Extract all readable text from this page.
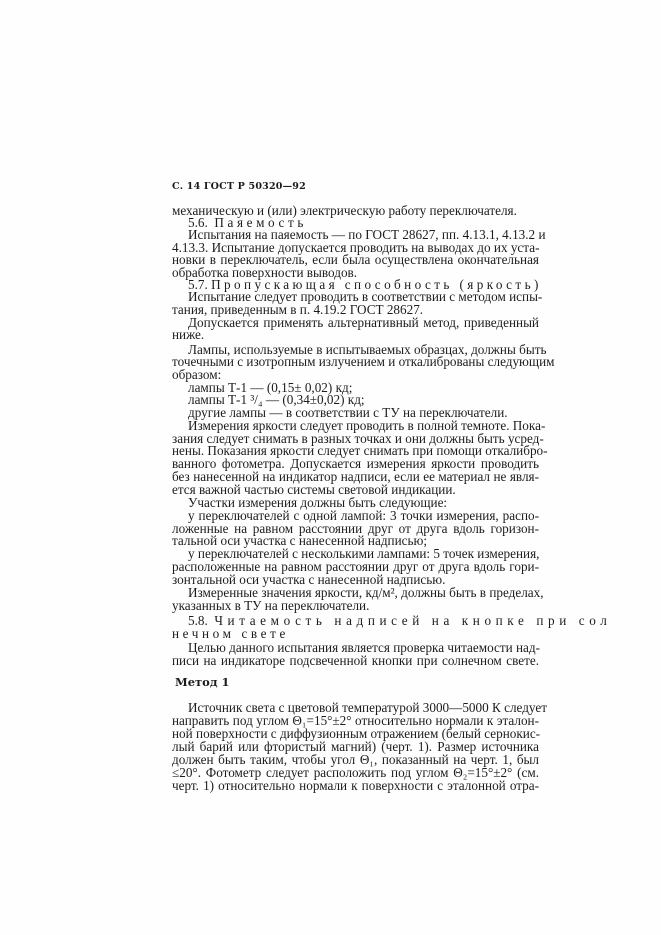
С. 14 ГОСТ Р 50320—92
механическую и (или) электрическую работу переключателя.
5.6. Паяемость
Испытания на паяемость — по ГОСТ 28627, пп. 4.13.1, 4.13.2 и
4.13.3. Испытание допускается проводить на выводах до их уста-
новки в переключатель, если была осуществлена окончательная
обработка поверхности выводов.
5.7. Пропускающая способность (яркость)
Испытание следует проводить в соответствии с методом испы-
тания, приведенным в п. 4.19.2 ГОСТ 28627.
Допускается применять альтернативный метод, приведенный
ниже.
Лампы, используемые в испытываемых образцах, должны быть
точечными с изотропным излучением и откалиброваны следующим
образом:
лампы Т-1 — (0,15± 0,02) кд;
лампы Т-1 ³/₄ — (0,34±0,02) кд;
другие лампы — в соответствии с ТУ на переключатели.
Измерения яркости следует проводить в полной темноте. Пока-
зания следует снимать в разных точках и они должны быть усред-
нены. Показания яркости следует снимать при помощи откалибро-
ванного фотометра. Допускается измерения яркости проводить
без нанесенной на индикатор надписи, если ее материал не явля-
ется важной частью системы световой индикации.
Участки измерения должны быть следующие:
у переключателей с одной лампой: 3 точки измерения, распо-
ложенные на равном расстоянии друг от друга вдоль горизон-
тальной оси участка с нанесенной надписью;
у переключателей с несколькими лампами: 5 точек измерения,
расположенные на равном расстоянии друг от друга вдоль гори-
зонтальной оси участка с нанесенной надписью.
Измеренные значения яркости, кд/м², должны быть в пределах,
указанных в ТУ на переключатели.
5.8. Читаемость надписей на кнопке при сол
нечном свете
Целью данного испытания является проверка читаемости над-
писи на индикаторе подсвеченной кнопки при солнечном свете.
Метод 1
Источник света с цветовой температурой 3000—5000 К следует
направить под углом Θ₁=15°±2° относительно нормали к эталон-
ной поверхности с диффузионным отражением (белый сернокис-
лый барий или фтористый магний) (черт. 1). Размер источника
должен быть таким, чтобы угол Θ₁, показанный на черт. 1, был
≤20°. Фотометр следует расположить под углом Θ₂=15°±2° (см.
черт. 1) относительно нормали к поверхности с эталонной отра-
